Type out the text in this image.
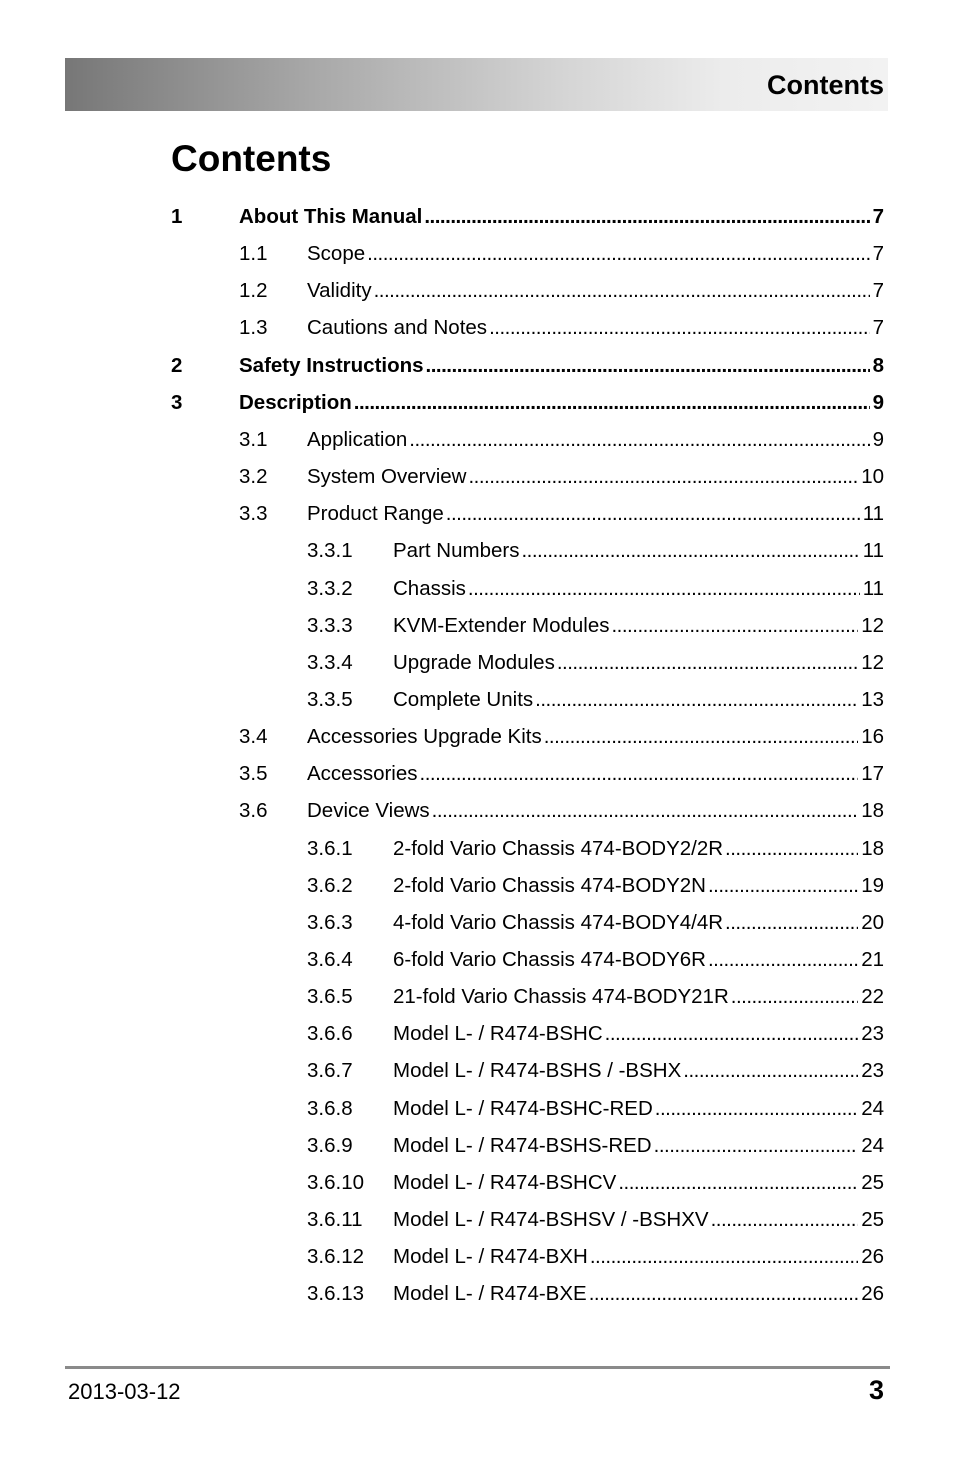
Contents
Contents
1	About This Manual . . .	7
1.1 Scope . . .	7
1.2 Validity . . .	7
1.3 Cautions and Notes . . .	7
2	Safety Instructions . . .	8
3	Description . . .	9
3.1 Application . . .	9
3.2 System Overview . . .	10
3.3 Product Range . . .	11
3.3.1 Part Numbers . . .	11
3.3.2 Chassis . . .	11
3.3.3 KVM-Extender Modules . . .	12
3.3.4 Upgrade Modules . . .	12
3.3.5 Complete Units . . .	13
3.4 Accessories Upgrade Kits . . .	16
3.5 Accessories . . .	17
3.6 Device Views . . .	18
3.6.1 2-fold Vario Chassis 474-BODY2/2R . . .	18
3.6.2 2-fold Vario Chassis 474-BODY2N . . .	19
3.6.3 4-fold Vario Chassis 474-BODY4/4R . . .	20
3.6.4 6-fold Vario Chassis 474-BODY6R . . .	21
3.6.5 21-fold Vario Chassis 474-BODY21R . . .	22
3.6.6 Model L- / R474-BSHC . . .	23
3.6.7 Model L- / R474-BSHS / -BSHX . . .	23
3.6.8 Model L- / R474-BSHC-RED . . .	24
3.6.9 Model L- / R474-BSHS-RED . . .	24
3.6.10 Model L- / R474-BSHCV . . .	25
3.6.11 Model L- / R474-BSHSV / -BSHXV . . .	25
3.6.12 Model L- / R474-BXH . . .	26
3.6.13 Model L- / R474-BXE . . .	26
2013-03-12	3
